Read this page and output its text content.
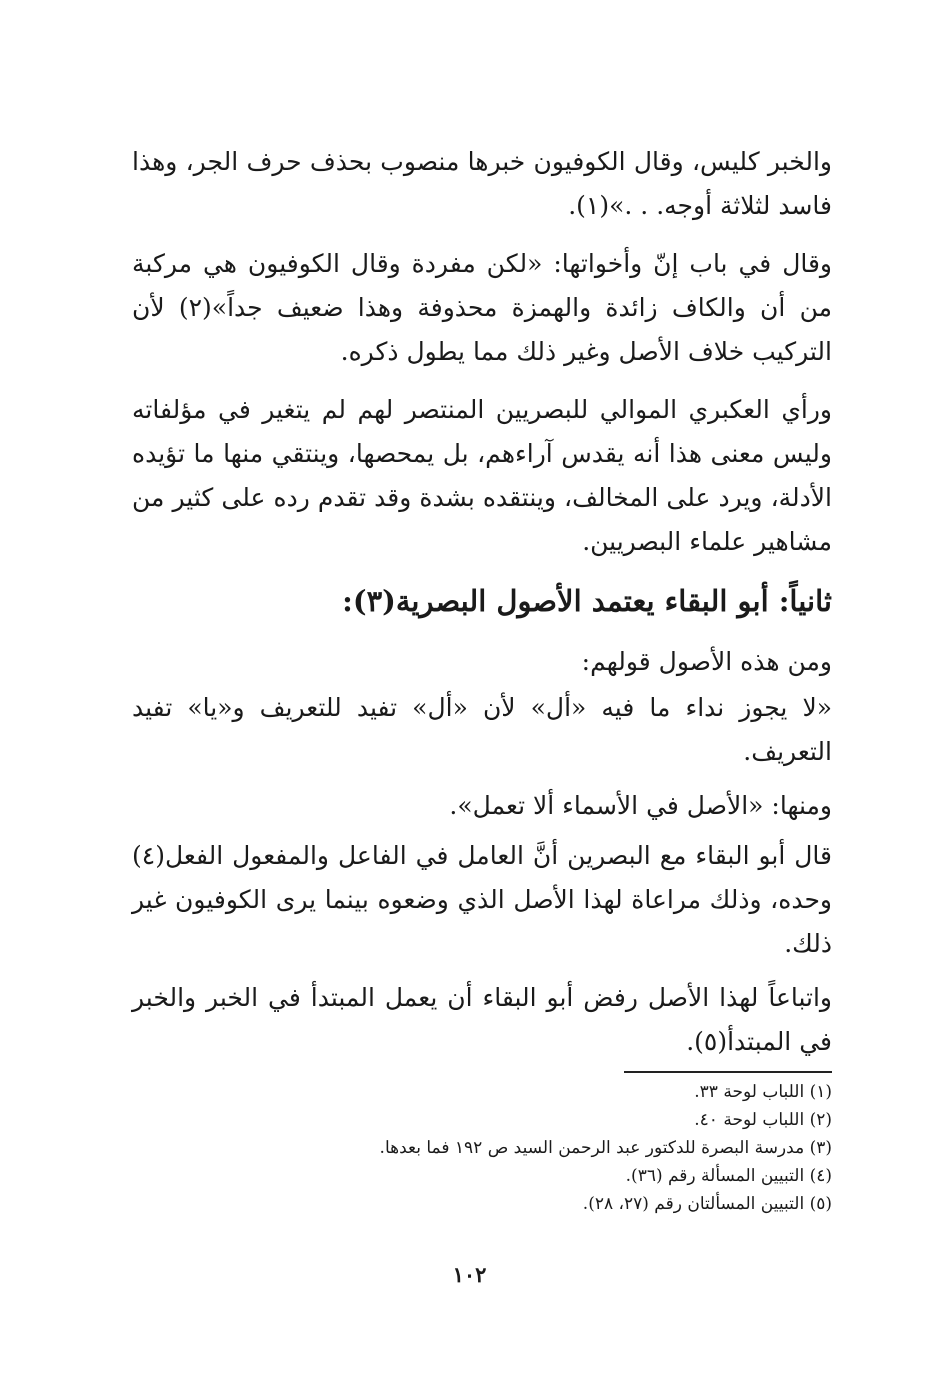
والخبر كليس، وقال الكوفيون خبرها منصوب بحذف حرف الجر، وهذا فاسد لثلاثة أوجه. . .»(١).

وقال في باب إنّ وأخواتها: «لكن مفردة وقال الكوفيون هي مركبة من أن والكاف زائدة والهمزة محذوفة وهذا ضعيف جداً»(٢) لأن التركيب خلاف الأصل وغير ذلك مما يطول ذكره.

ورأي العكبري الموالي للبصريين المنتصر لهم لم يتغير في مؤلفاته وليس معنى هذا أنه يقدس آراءهم، بل يمحصها، وينتقي منها ما تؤيده الأدلة، ويرد على المخالف، وينتقده بشدة وقد تقدم رده على كثير من مشاهير علماء البصريين.

ثانياً: أبو البقاء يعتمد الأصول البصرية(٣):

ومن هذه الأصول قولهم:

«لا يجوز نداء ما فيه «أل» لأن «أل» تفيد للتعريف و«يا» تفيد التعريف.

ومنها: «الأصل في الأسماء ألا تعمل».

قال أبو البقاء مع البصرين أنَّ العامل في الفاعل والمفعول الفعل(٤) وحده، وذلك مراعاة لهذا الأصل الذي وضعوه بينما يرى الكوفيون غير ذلك.

واتباعاً لهذا الأصل رفض أبو البقاء أن يعمل المبتدأ في الخبر والخبر في المبتدأ(٥).

(١) اللباب لوحة ٣٣.
(٢) اللباب لوحة ٤٠.
(٣) مدرسة البصرة للدكتور عبد الرحمن السيد ص ١٩٢ فما بعدها.
(٤) التبيين المسألة رقم (٣٦).
(٥) التبيين المسألتان رقم (٢٧، ٢٨).
١٠٢
